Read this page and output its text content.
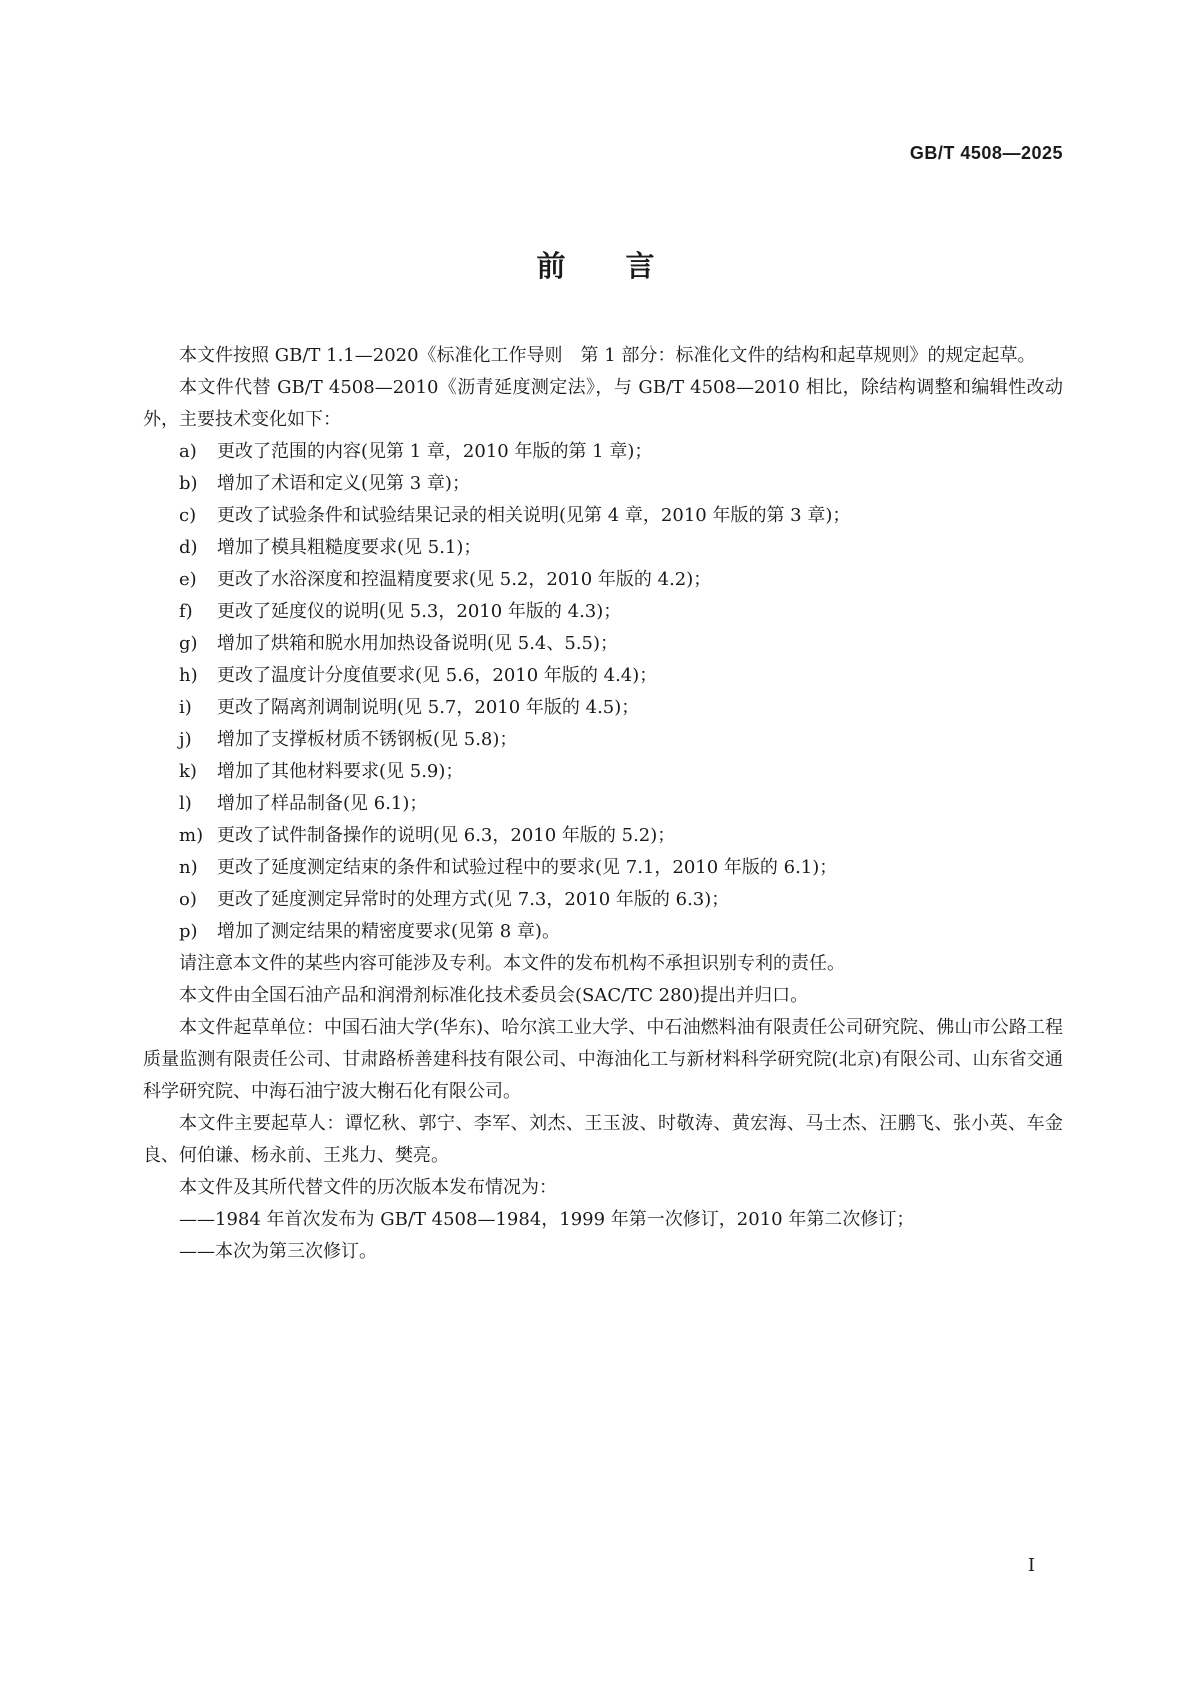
GB/T 4508—2025
前言

本文件按照 GB/T 1.1—2020《标准化工作导则　第 1 部分：标准化文件的结构和起草规则》的规定起草。

本文件代替 GB/T 4508—2010《沥青延度测定法》，与 GB/T 4508—2010 相比，除结构调整和编辑性改动外，主要技术变化如下：

a)	更改了范围的内容(见第 1 章，2010 年版的第 1 章)；

b)	增加了术语和定义(见第 3 章)；

c)	更改了试验条件和试验结果记录的相关说明(见第 4 章，2010 年版的第 3 章)；

d)	增加了模具粗糙度要求(见 5.1)；

e)	更改了水浴深度和控温精度要求(见 5.2，2010 年版的 4.2)；

f)	更改了延度仪的说明(见 5.3，2010 年版的 4.3)；

g)	增加了烘箱和脱水用加热设备说明(见 5.4、5.5)；

h)	更改了温度计分度值要求(见 5.6，2010 年版的 4.4)；

i)	更改了隔离剂调制说明(见 5.7，2010 年版的 4.5)；

j)	增加了支撑板材质不锈钢板(见 5.8)；

k)	增加了其他材料要求(见 5.9)；

l)	增加了样品制备(见 6.1)；

m) 更改了试件制备操作的说明(见 6.3，2010 年版的 5.2)；

n)	更改了延度测定结束的条件和试验过程中的要求(见 7.1，2010 年版的 6.1)；

o)	更改了延度测定异常时的处理方式(见 7.3，2010 年版的 6.3)；

p)	增加了测定结果的精密度要求(见第 8 章)。

请注意本文件的某些内容可能涉及专利。本文件的发布机构不承担识别专利的责任。

本文件由全国石油产品和润滑剂标准化技术委员会(SAC/TC 280)提出并归口。

本文件起草单位：中国石油大学(华东)、哈尔滨工业大学、中石油燃料油有限责任公司研究院、佛山市公路工程质量监测有限责任公司、甘肃路桥善建科技有限公司、中海油化工与新材料科学研究院(北京)有限公司、山东省交通科学研究院、中海石油宁波大榭石化有限公司。

本文件主要起草人：谭忆秋、郭宁、李军、刘杰、王玉波、时敬涛、黄宏海、马士杰、汪鹏飞、张小英、车金良、何伯谦、杨永前、王兆力、樊亮。

本文件及其所代替文件的历次版本发布情况为：

——1984 年首次发布为 GB/T 4508—1984，1999 年第一次修订，2010 年第二次修订；

——本次为第三次修订。

I
